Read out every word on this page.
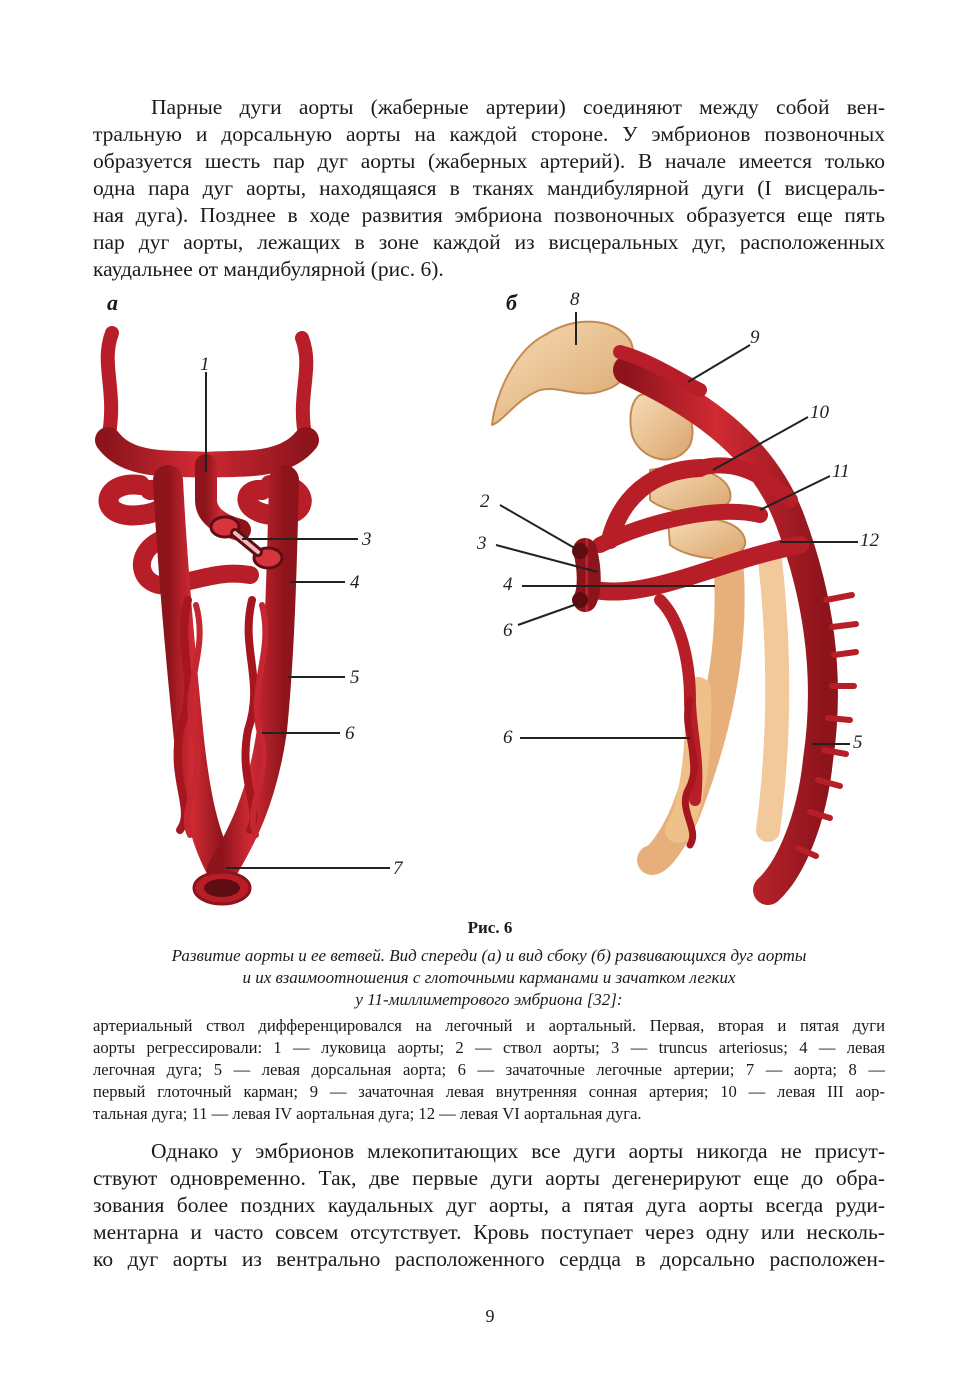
Парные дуги аорты (жаберные артерии) соединяют между собой вен-
тральную и дорсальную аорты на каждой стороне. У эмбрионов позвоночных
образуется шесть пар дуг аорты (жаберных артерий). В начале имеется только
одна пара дуг аорты, находящаяся в тканях мандибулярной дуги (I висцераль-
ная дуга). Позднее в ходе развития эмбриона позвоночных образуется еще пять
пар дуг аорты, лежащих в зоне каждой из висцеральных дуг, расположенных
каудальнее от мандибулярной (рис. 6).
а	б
1
3
4
5
6
7
8
9
10
11
2
3
4
12
6
6	5
Рис. 6
Развитие аорты и ее ветвей. Вид спереди (а) и вид сбоку (б) развивающихся дуг аорты
и их взаимоотношения с глоточными карманами и зачатком легких
у 11-миллиметрового эмбриона [32]:
артериальный ствол дифференцировался на легочный и аортальный. Первая, вторая и пятая дуги
аорты регрессировали: 1 — луковица аорты; 2 — ствол аорты; 3 — truncus arteriosus; 4 — левая
легочная дуга; 5 — левая дорсальная аорта; 6 — зачаточные легочные артерии; 7 — аорта; 8 —
первый глоточный карман; 9 — зачаточная левая внутренняя сонная артерия; 10 — левая III аор-
тальная дуга; 11 — левая IV аортальная дуга; 12 — левая VI аортальная дуга.
Однако у эмбрионов млекопитающих все дуги аорты никогда не присут-
ствуют одновременно. Так, две первые дуги аорты дегенерируют еще до обра-
зования более поздних каудальных дуг аорты, а пятая дуга аорты всегда руди-
ментарна и часто совсем отсутствует. Кровь поступает через одну или несколь-
ко дуг аорты из вентрально расположенного сердца в дорсально расположен-
9
